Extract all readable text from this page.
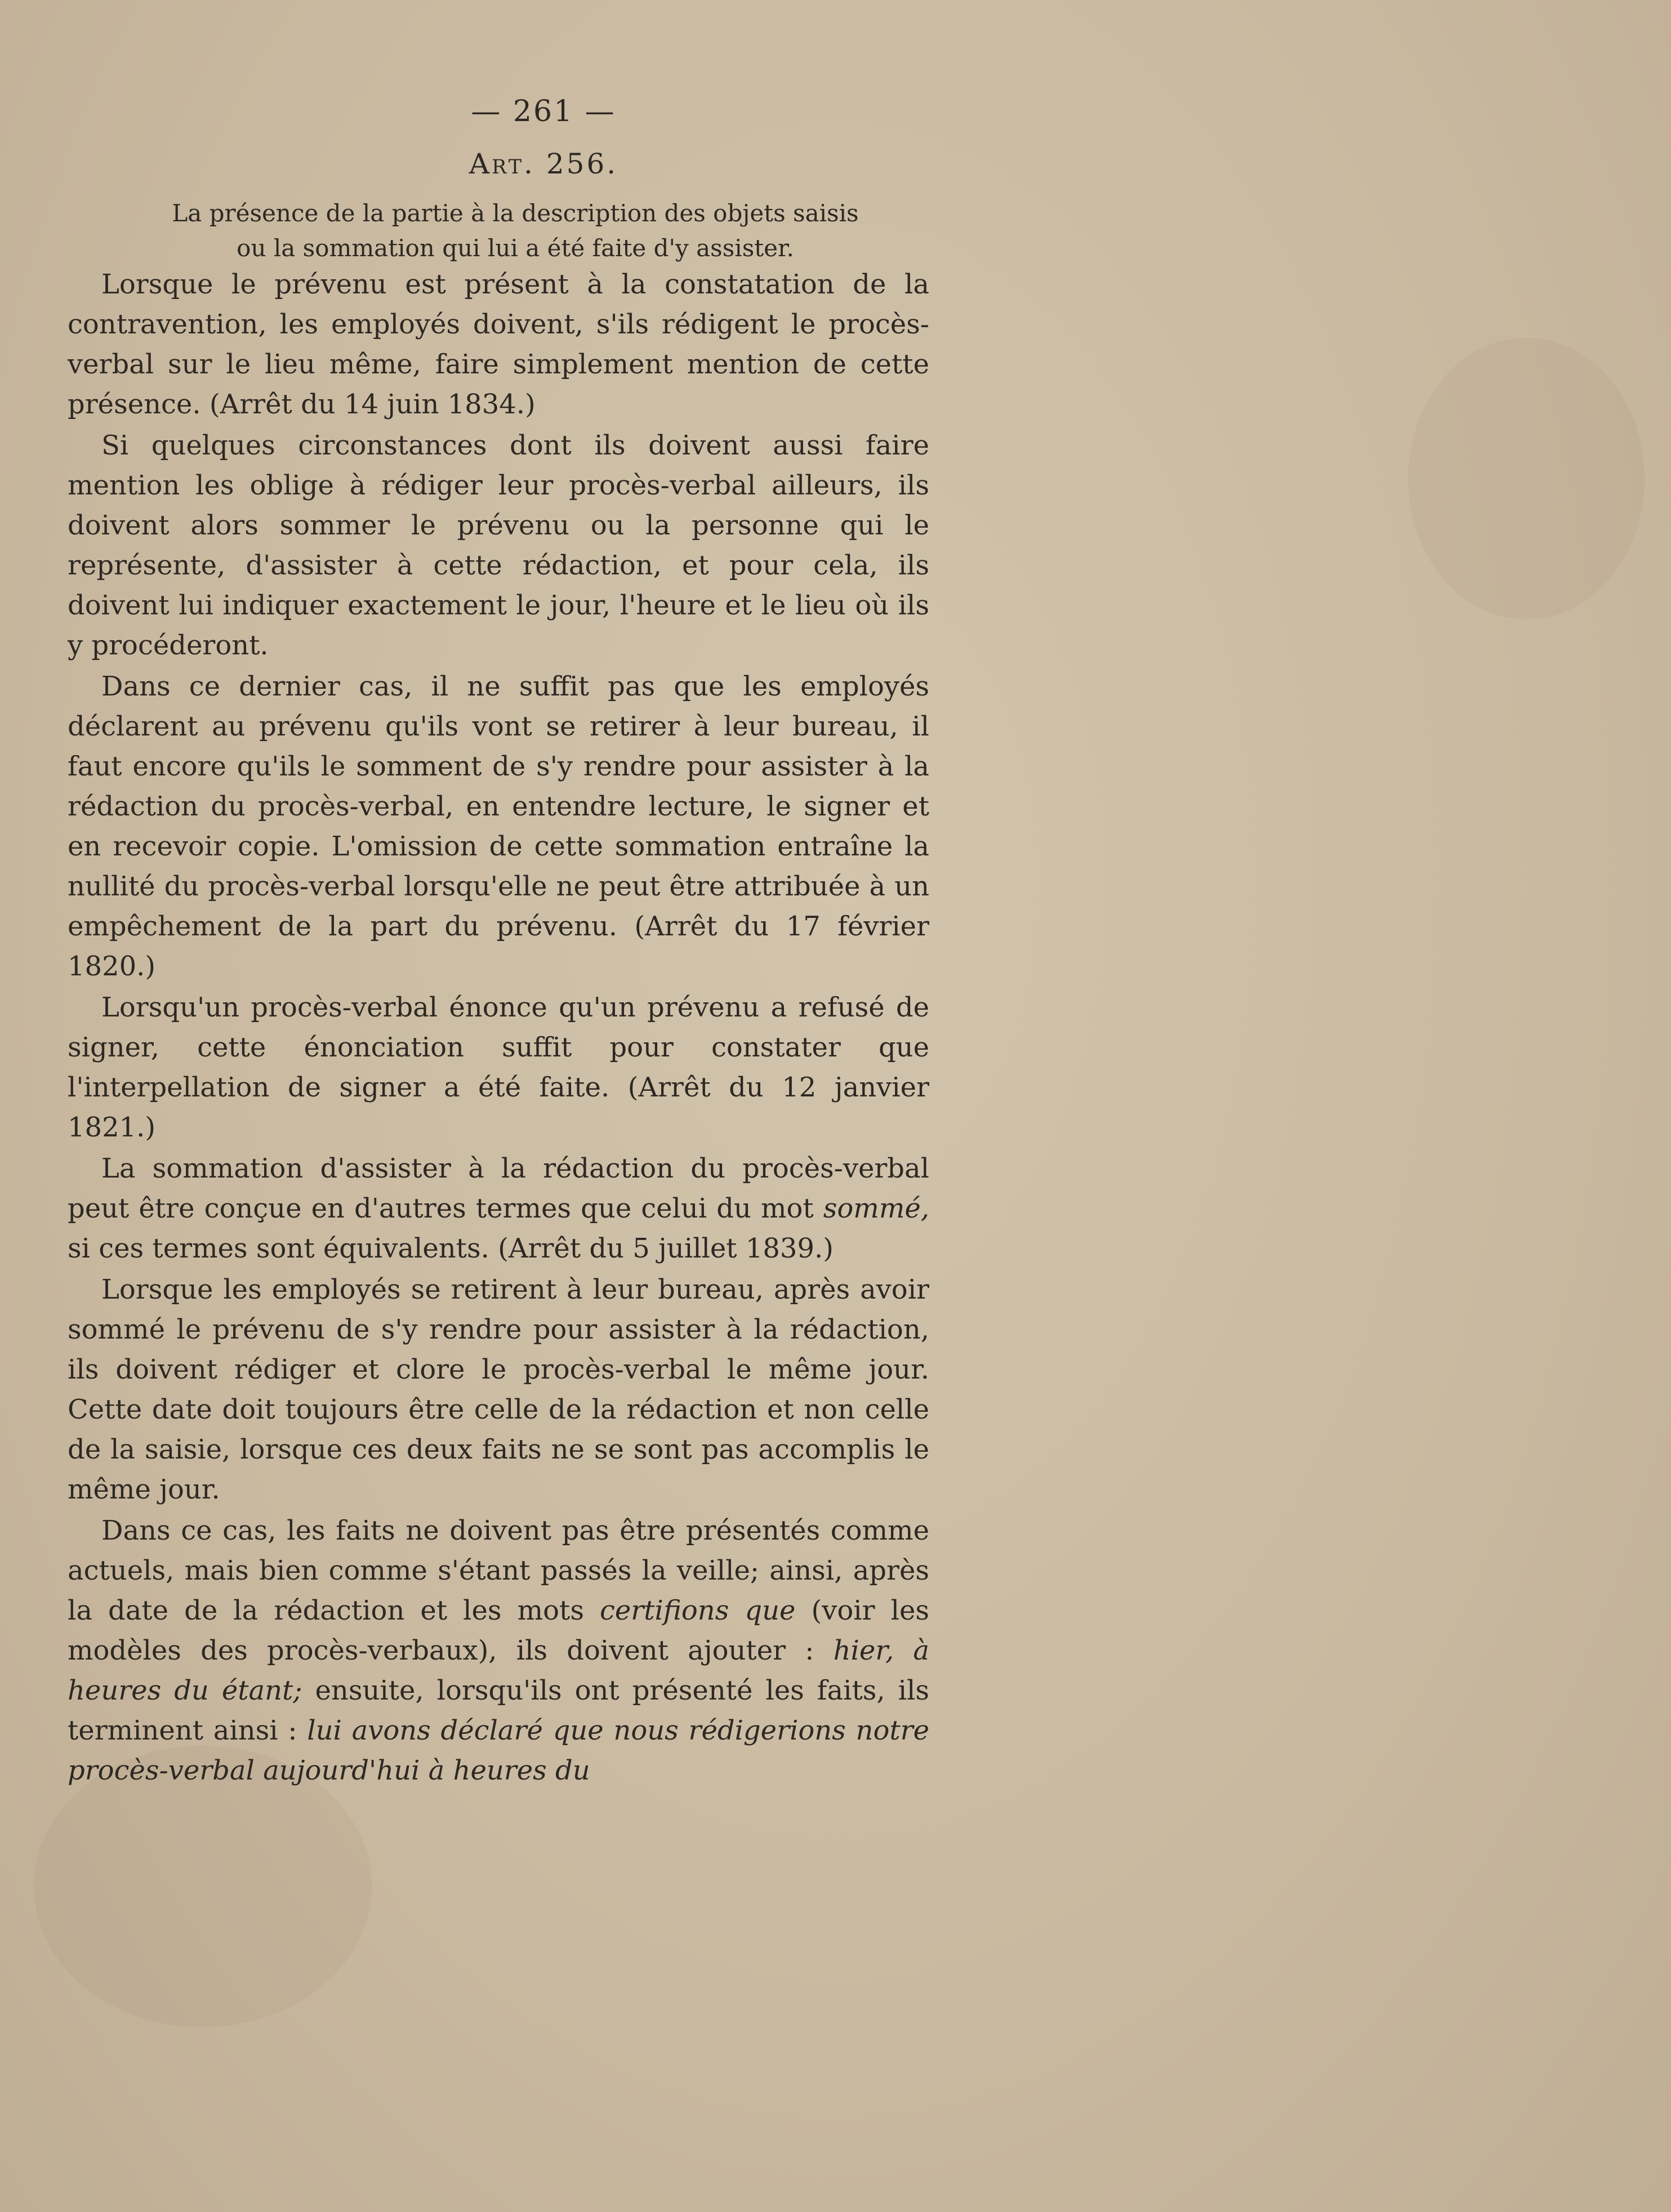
— 261 —
Art. 256.
La présence de la partie à la description des objets saisis ou la sommation qui lui a été faite d'y assister.

Lorsque le prévenu est présent à la constatation de la contravention, les employés doivent, s'ils rédigent le procès-verbal sur le lieu même, faire simplement mention de cette présence. (Arrêt du 14 juin 1834.)

Si quelques circonstances dont ils doivent aussi faire mention les oblige à rédiger leur procès-verbal ailleurs, ils doivent alors sommer le prévenu ou la personne qui le représente, d'assister à cette rédaction, et pour cela, ils doivent lui indiquer exactement le jour, l'heure et le lieu où ils y procéderont.

Dans ce dernier cas, il ne suffit pas que les employés déclarent au prévenu qu'ils vont se retirer à leur bureau, il faut encore qu'ils le somment de s'y rendre pour assister à la rédaction du procès-verbal, en entendre lecture, le signer et en recevoir copie. L'omission de cette sommation entraîne la nullité du procès-verbal lorsqu'elle ne peut être attribuée à un empêchement de la part du prévenu. (Arrêt du 17 février 1820.)

Lorsqu'un procès-verbal énonce qu'un prévenu a refusé de signer, cette énonciation suffit pour constater que l'interpellation de signer a été faite. (Arrêt du 12 janvier 1821.)

La sommation d'assister à la rédaction du procès-verbal peut être conçue en d'autres termes que celui du mot sommé, si ces termes sont équivalents. (Arrêt du 5 juillet 1839.)

Lorsque les employés se retirent à leur bureau, après avoir sommé le prévenu de s'y rendre pour assister à la rédaction, ils doivent rédiger et clore le procès-verbal le même jour. Cette date doit toujours être celle de la rédaction et non celle de la saisie, lorsque ces deux faits ne se sont pas accomplis le même jour.

Dans ce cas, les faits ne doivent pas être présentés comme actuels, mais bien comme s'étant passés la veille; ainsi, après la date de la rédaction et les mots certifions que (voir les modèles des procès-verbaux), ils doivent ajouter : hier, à heures du étant; ensuite, lorsqu'ils ont présenté les faits, ils terminent ainsi : lui avons déclaré que nous rédigerions notre procès-verbal aujourd'hui à heures du
